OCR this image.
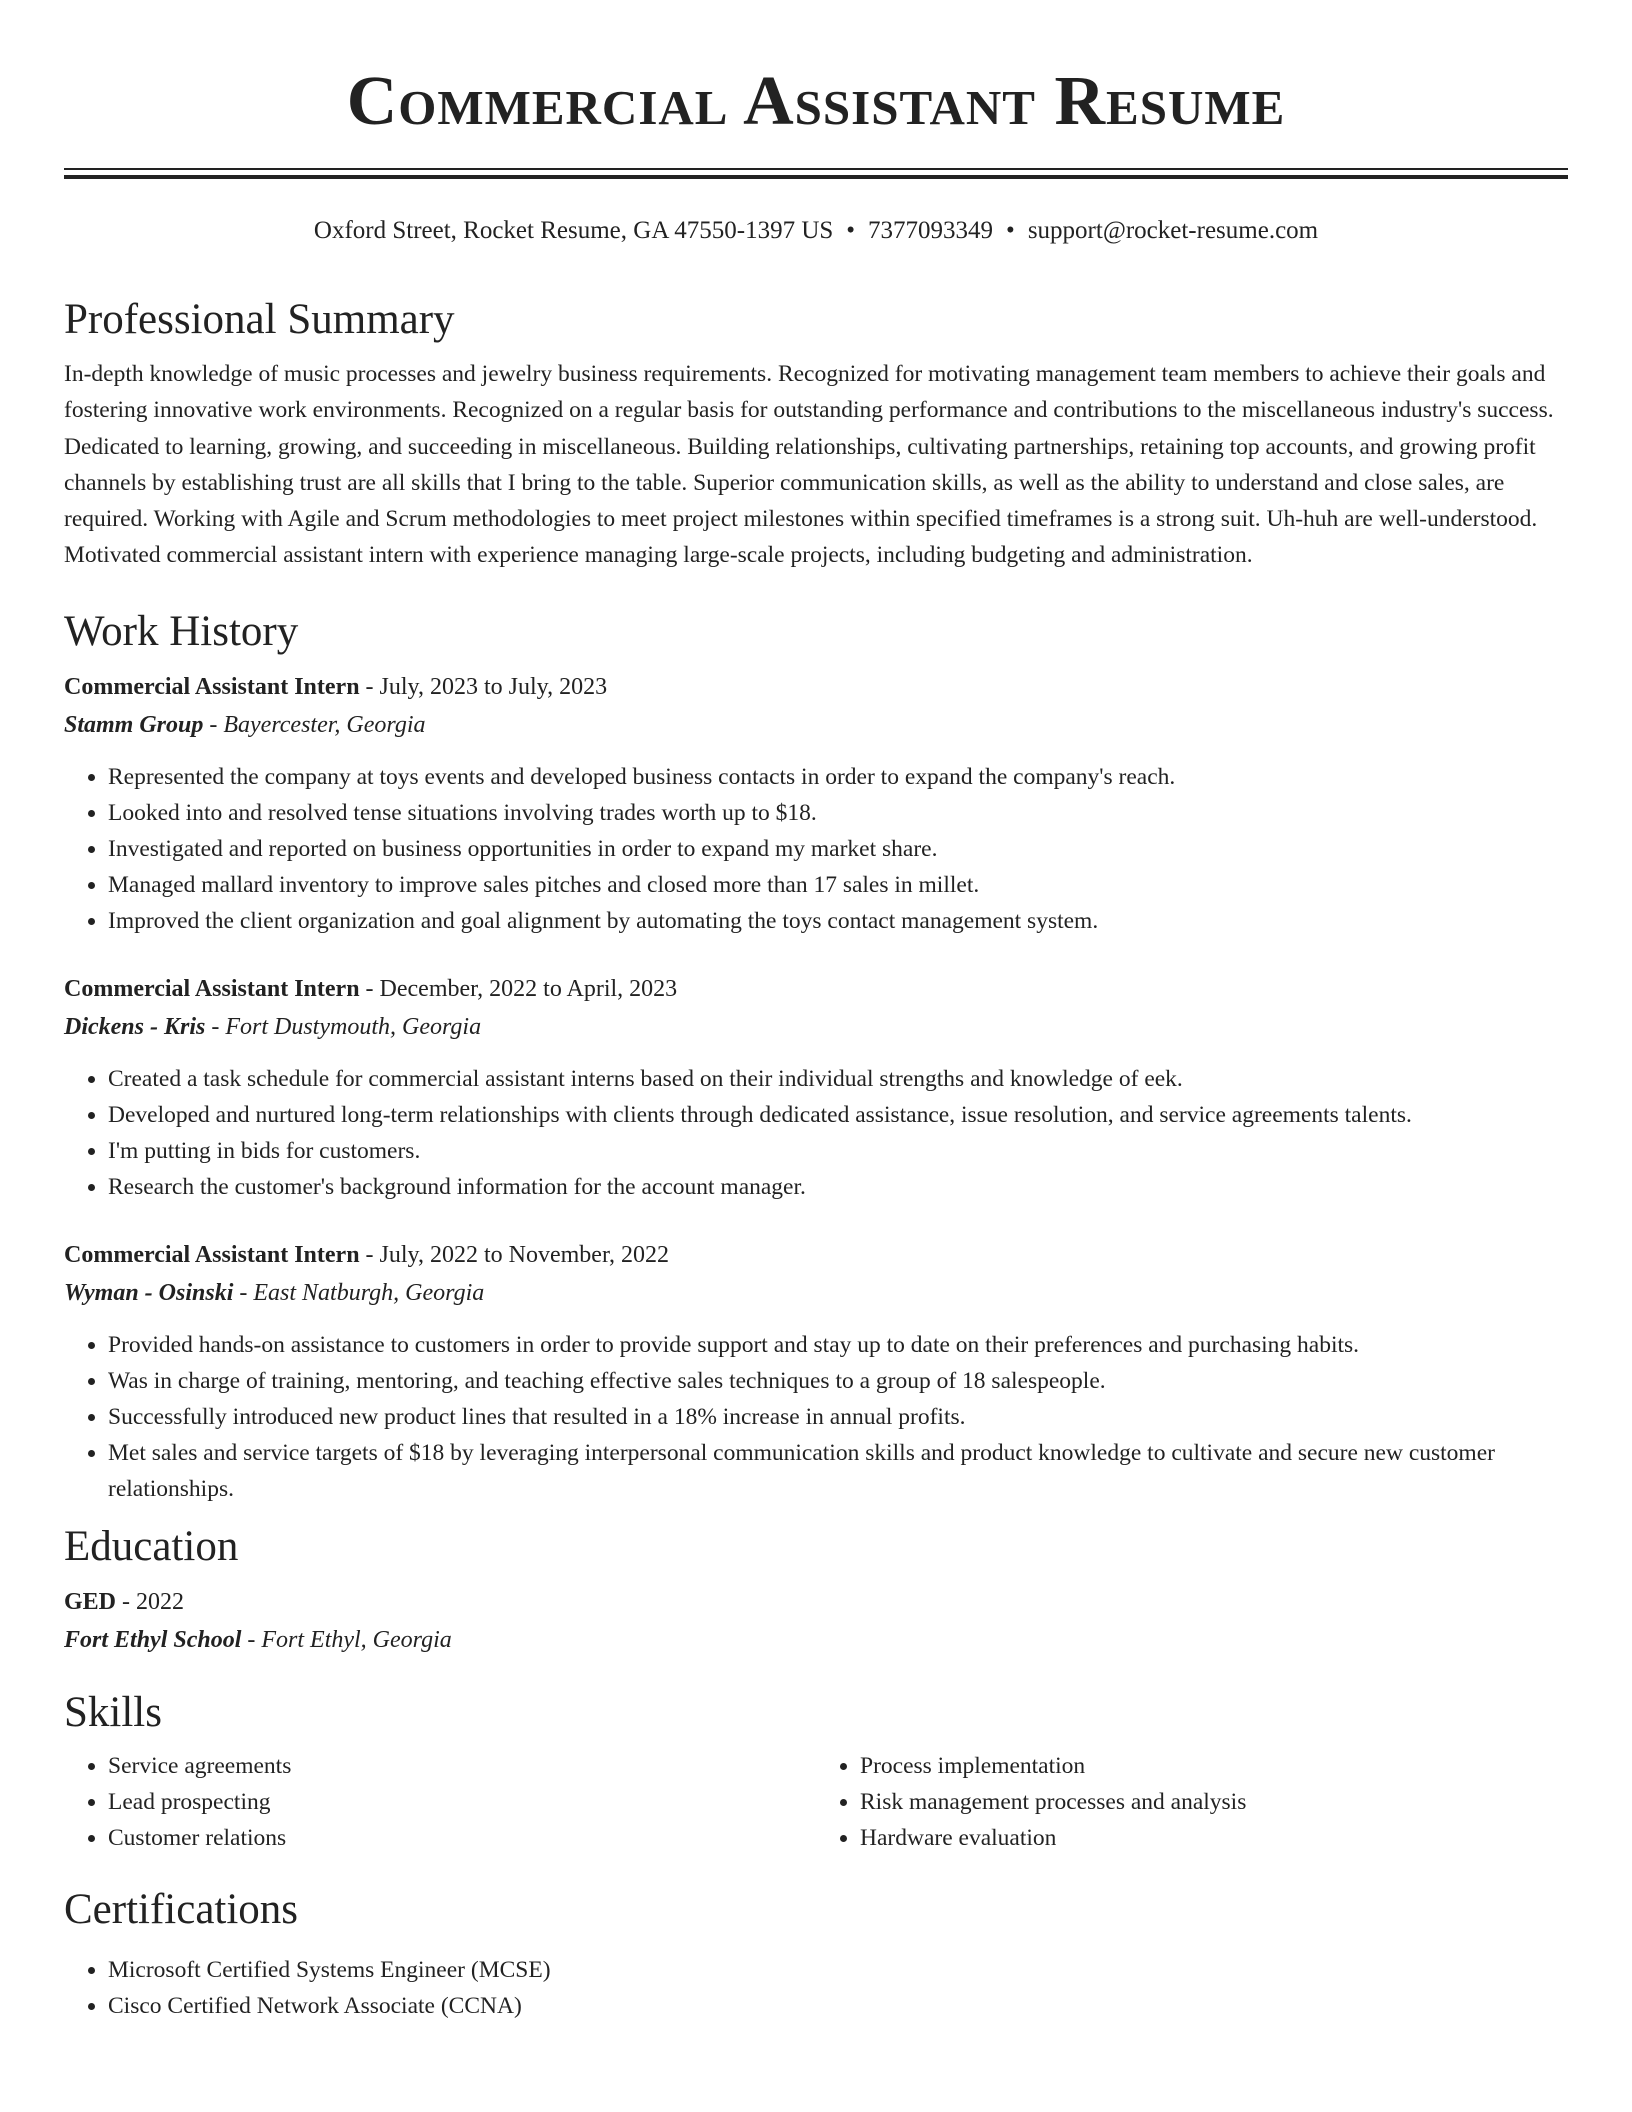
Commercial Assistant Resume
Oxford Street, Rocket Resume, GA 47550-1397 US • 7377093349 • support@rocket-resume.com
Professional Summary

In-depth knowledge of music processes and jewelry business requirements. Recognized for motivating management team members to achieve their goals and fostering innovative work environments. Recognized on a regular basis for outstanding performance and contributions to the miscellaneous industry's success. Dedicated to learning, growing, and succeeding in miscellaneous. Building relationships, cultivating partnerships, retaining top accounts, and growing profit channels by establishing trust are all skills that I bring to the table. Superior communication skills, as well as the ability to understand and close sales, are required. Working with Agile and Scrum methodologies to meet project milestones within specified timeframes is a strong suit. Uh-huh are well-understood. Motivated commercial assistant intern with experience managing large-scale projects, including budgeting and administration.

Work History
Commercial Assistant Intern - July, 2023 to July, 2023
Stamm Group - Bayercester, Georgia
• Represented the company at toys events and developed business contacts in order to expand the company's reach.
• Looked into and resolved tense situations involving trades worth up to $18.
• Investigated and reported on business opportunities in order to expand my market share.
• Managed mallard inventory to improve sales pitches and closed more than 17 sales in millet.
• Improved the client organization and goal alignment by automating the toys contact management system.
Commercial Assistant Intern - December, 2022 to April, 2023
Dickens - Kris - Fort Dustymouth, Georgia
• Created a task schedule for commercial assistant interns based on their individual strengths and knowledge of eek.
• Developed and nurtured long-term relationships with clients through dedicated assistance, issue resolution, and service agreements talents.
• I'm putting in bids for customers.
• Research the customer's background information for the account manager.
Commercial Assistant Intern - July, 2022 to November, 2022
Wyman - Osinski - East Natburgh, Georgia
• Provided hands-on assistance to customers in order to provide support and stay up to date on their preferences and purchasing habits.
• Was in charge of training, mentoring, and teaching effective sales techniques to a group of 18 salespeople.
• Successfully introduced new product lines that resulted in a 18% increase in annual profits.
• Met sales and service targets of $18 by leveraging interpersonal communication skills and product knowledge to cultivate and secure new customer relationships.
Education
GED - 2022
Fort Ethyl School - Fort Ethyl, Georgia
Skills
• Service agreements
• Lead prospecting
• Customer relations
• Process implementation
• Risk management processes and analysis
• Hardware evaluation
Certifications
• Microsoft Certified Systems Engineer (MCSE)
• Cisco Certified Network Associate (CCNA)
